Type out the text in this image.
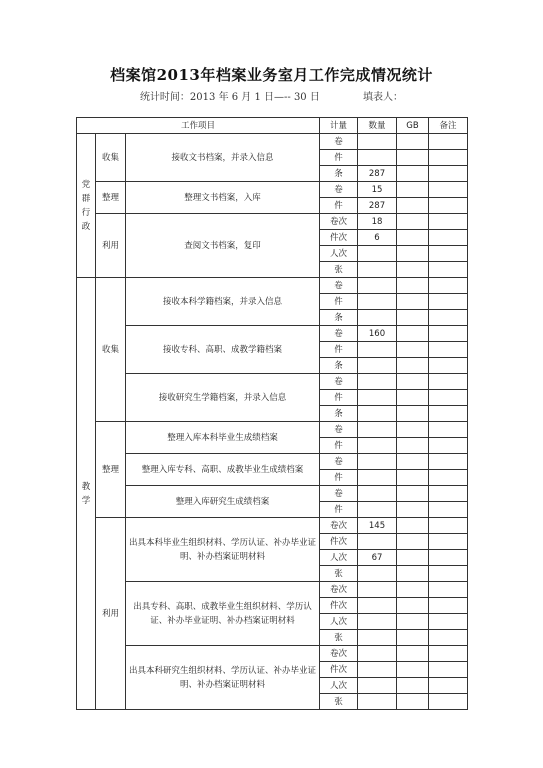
档案馆2013年档案业务室月工作完成情况统计
统计时间：2013 年 6 月 1 日—-- 30 日	填表人：
工作项目			计量	数量	GB	备注
党
群
行
政	收集	接收文书档案，并录入信息	卷			
			件			
			条	287		
	整理	整理文书档案，入库	卷	15		
			件	287		
	利用	查阅文书档案，复印	卷次	18		
			件次	6		
			人次			
			张			
教
学	收集	接收本科学籍档案，并录入信息	卷			
			件			
			条			
		接收专科、高职、成教学籍档案	卷	160		
			件			
			条			
		接收研究生学籍档案，并录入信息	卷			
			件			
			条			
	整理	整理入库本科毕业生成绩档案	卷			
			件			
		整理入库专科、高职、成教毕业生成绩档案	卷			
			件			
		整理入库研究生成绩档案	卷			
			件			
	利用	出具本科毕业生组织材料、学历认证、补办毕业证明、补办档案证明材料	卷次	145		
			件次			
			人次	67		
			张			
		出具专科、高职、成教毕业生组织材料、学历认证、补办毕业证明、补办档案证明材料	卷次			
			件次			
			人次			
			张			
		出具本科研究生组织材料、学历认证、补办毕业证明、补办档案证明材料	卷次			
			件次			
			人次			
			张			
